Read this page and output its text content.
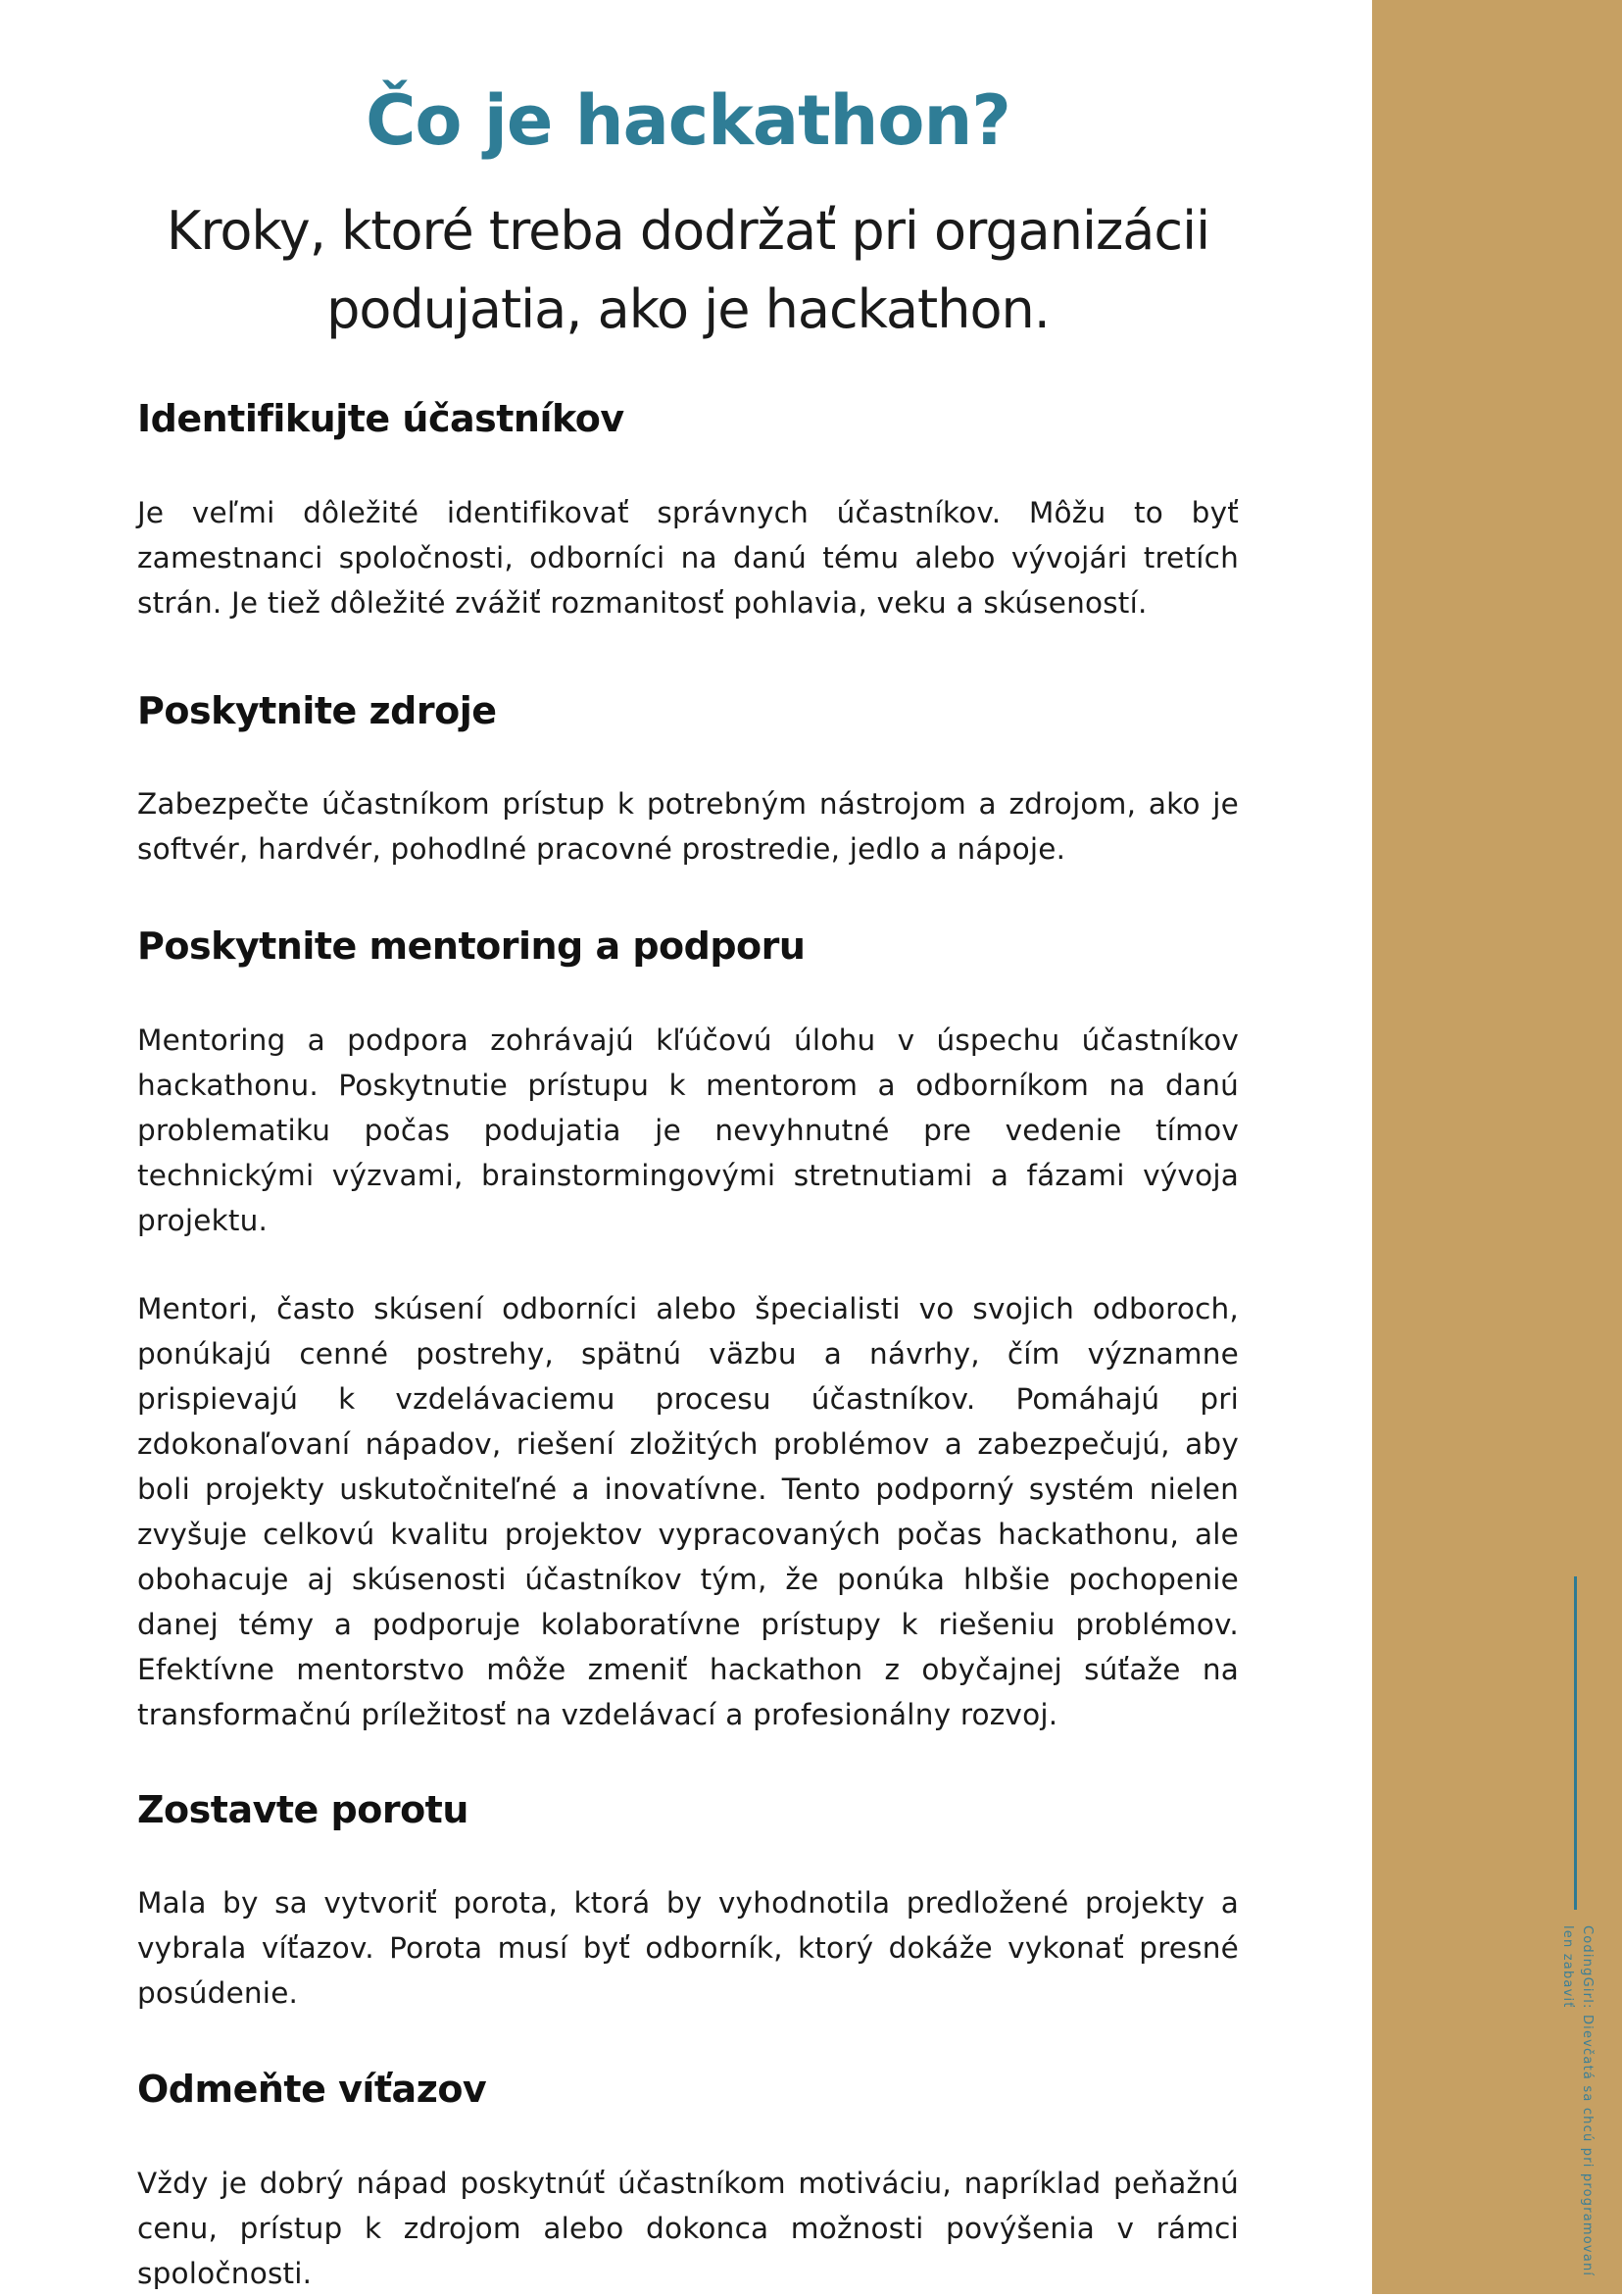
CodingGirl: Dievčatá sa chcú pri programovaní len zabaviť
Čo je hackathon?
Kroky, ktoré treba dodržať pri organizácii podujatia, ako je hackathon.
Identifikujte účastníkov
Je veľmi dôležité identifikovať správnych účastníkov. Môžu to byť zamestnanci spoločnosti, odborníci na danú tému alebo vývojári tretích strán. Je tiež dôležité zvážiť rozmanitosť pohlavia, veku a skúseností.
Poskytnite zdroje
Zabezpečte účastníkom prístup k potrebným nástrojom a zdrojom, ako je softvér, hardvér, pohodlné pracovné prostredie, jedlo a nápoje.
Poskytnite mentoring a podporu
Mentoring a podpora zohrávajú kľúčovú úlohu v úspechu účastníkov hackathonu. Poskytnutie prístupu k mentorom a odborníkom na danú problematiku počas podujatia je nevyhnutné pre vedenie tímov technickými výzvami, brainstormingovými stretnutiami a fázami vývoja projektu.
Mentori, často skúsení odborníci alebo špecialisti vo svojich odboroch, ponúkajú cenné postrehy, spätnú väzbu a návrhy, čím významne prispievajú k vzdelávaciemu procesu účastníkov. Pomáhajú pri zdokonaľovaní nápadov, riešení zložitých problémov a zabezpečujú, aby boli projekty uskutočniteľné a inovatívne. Tento podporný systém nielen zvyšuje celkovú kvalitu projektov vypracovaných počas hackathonu, ale obohacuje aj skúsenosti účastníkov tým, že ponúka hlbšie pochopenie danej témy a podporuje kolaboratívne prístupy k riešeniu problémov. Efektívne mentorstvo môže zmeniť hackathon z obyčajnej súťaže na transformačnú príležitosť na vzdelávací a profesionálny rozvoj.
Zostavte porotu
Mala by sa vytvoriť porota, ktorá by vyhodnotila predložené projekty a vybrala víťazov. Porota musí byť odborník, ktorý dokáže vykonať presné posúdenie.
Odmeňte víťazov
Vždy je dobrý nápad poskytnúť účastníkom motiváciu, napríklad peňažnú cenu, prístup k zdrojom alebo dokonca možnosti povýšenia v rámci spoločnosti.
